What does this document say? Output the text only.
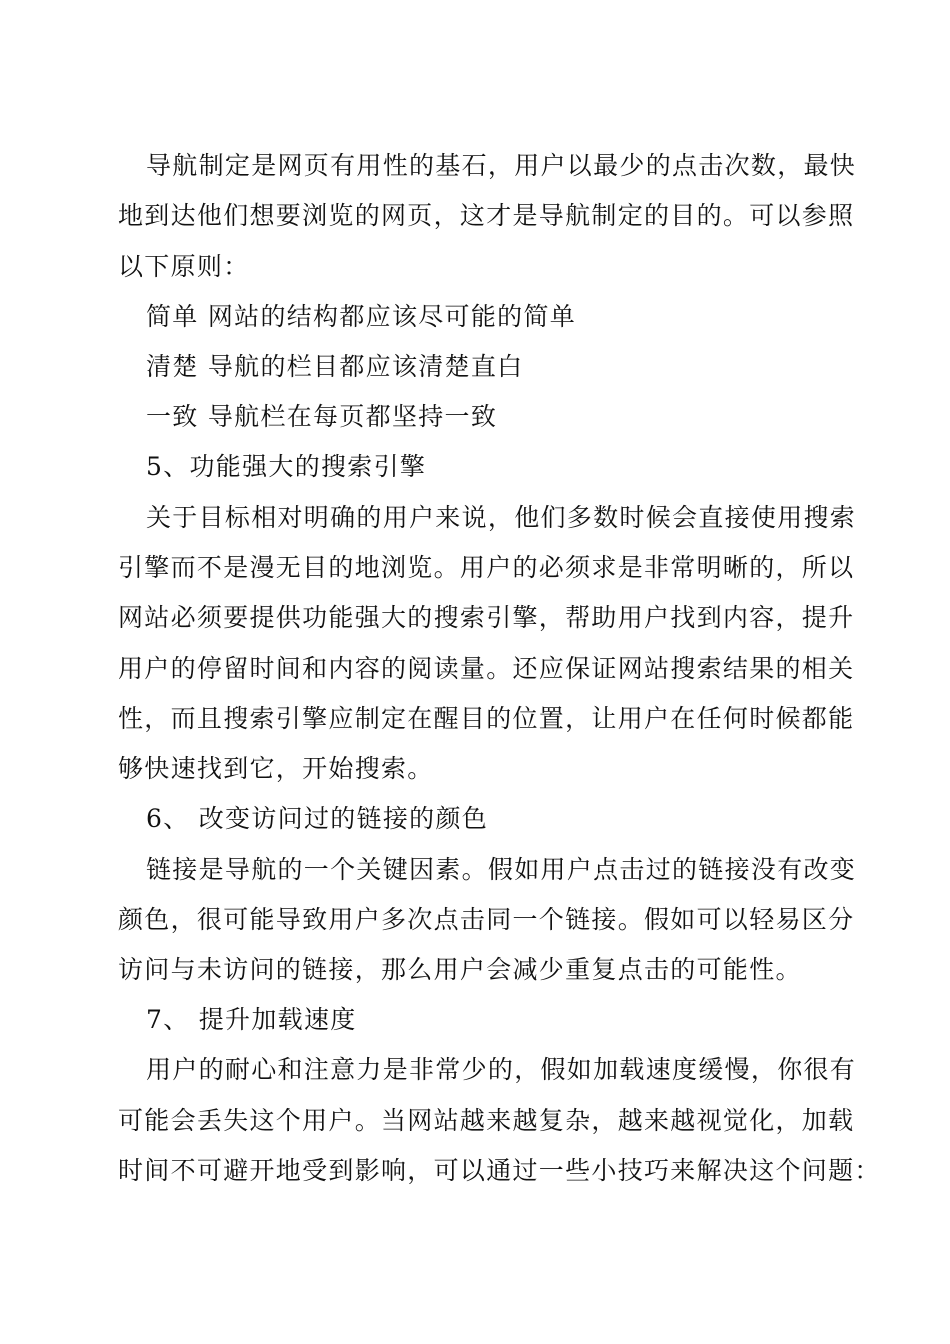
导航制定是网页有用性的基石，用户以最少的点击次数，最快
地到达他们想要浏览的网页，这才是导航制定的目的。可以参照
以下原则：
简单 网站的结构都应该尽可能的简单
清楚 导航的栏目都应该清楚直白
一致 导航栏在每页都坚持一致
5、功能强大的搜索引擎
关于目标相对明确的用户来说，他们多数时候会直接使用搜索
引擎而不是漫无目的地浏览。用户的必须求是非常明晰的，所以
网站必须要提供功能强大的搜索引擎，帮助用户找到内容，提升
用户的停留时间和内容的阅读量。还应保证网站搜索结果的相关
性，而且搜索引擎应制定在醒目的位置，让用户在任何时候都能
够快速找到它，开始搜索。
6、 改变访问过的链接的颜色
链接是导航的一个关键因素。假如用户点击过的链接没有改变
颜色，很可能导致用户多次点击同一个链接。假如可以轻易区分
访问与未访问的链接，那么用户会减少重复点击的可能性。
7、 提升加载速度
用户的耐心和注意力是非常少的，假如加载速度缓慢，你很有
可能会丢失这个用户。当网站越来越复杂，越来越视觉化，加载
时间不可避开地受到影响，可以通过一些小技巧来解决这个问题：
